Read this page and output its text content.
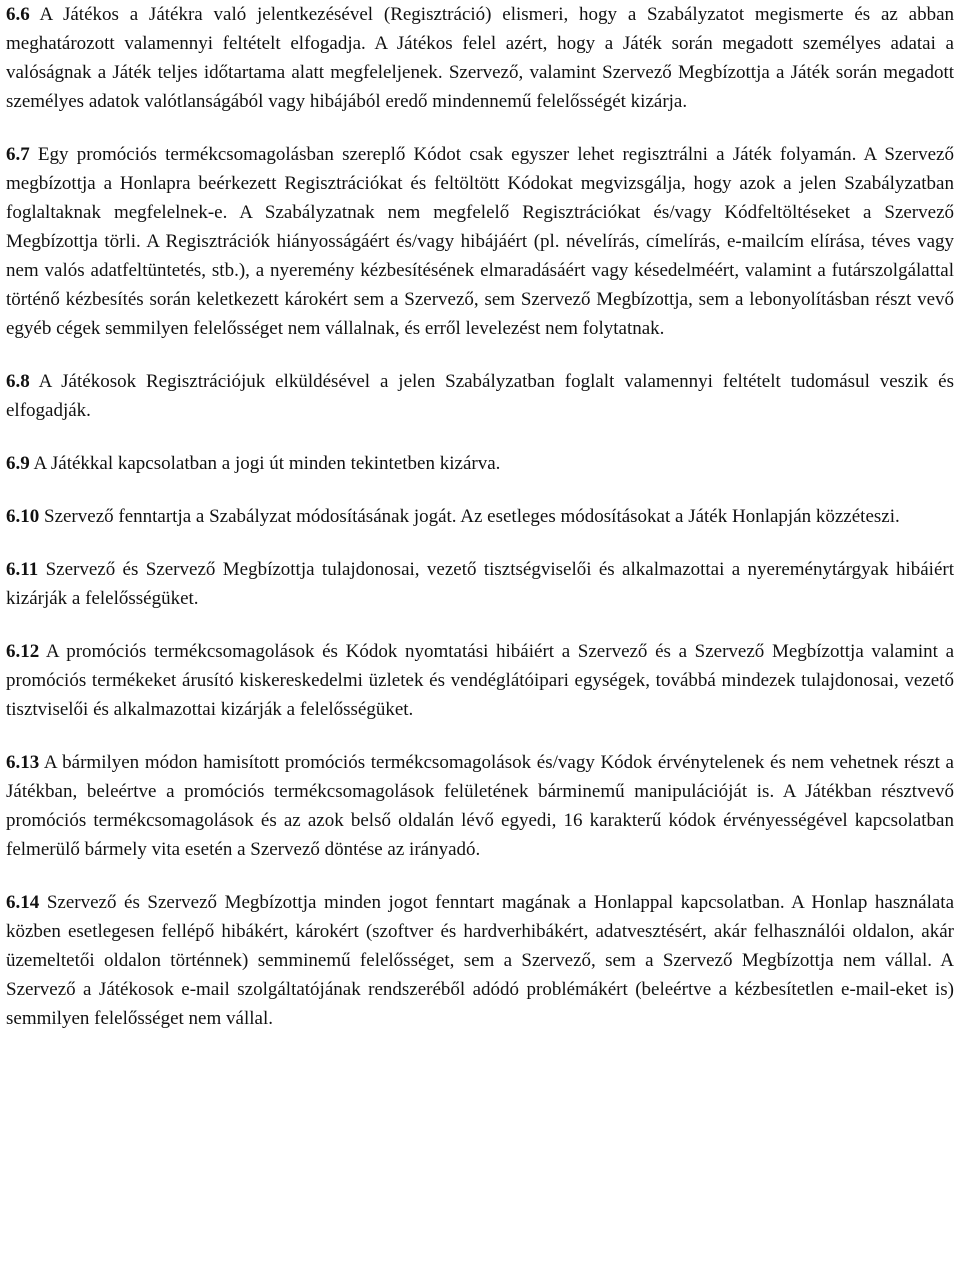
6.6 A Játékos a Játékra való jelentkezésével (Regisztráció) elismeri, hogy a Szabályzatot megismerte és az abban meghatározott valamennyi feltételt elfogadja. A Játékos felel azért, hogy a Játék során megadott személyes adatai a valóságnak a Játék teljes időtartama alatt megfeleljenek. Szervező, valamint Szervező Megbízottja a Játék során megadott személyes adatok valótlanságából vagy hibájából eredő mindennemű felelősségét kizárja.

6.7 Egy promóciós termékcsomagolásban szereplő Kódot csak egyszer lehet regisztrálni a Játék folyamán. A Szervező megbízottja a Honlapra beérkezett Regisztrációkat és feltöltött Kódokat megvizsgálja, hogy azok a jelen Szabályzatban foglaltaknak megfelelnek-e. A Szabályzatnak nem megfelelő Regisztrációkat és/vagy Kódfeltöltéseket a Szervező Megbízottja törli. A Regisztrációk hiányosságáért és/vagy hibájáért (pl. névelírás, címelírás, e-mailcím elírása, téves vagy nem valós adatfeltüntetés, stb.), a nyeremény kézbesítésének elmaradásáért vagy késedelméért, valamint a futárszolgálattal történő kézbesítés során keletkezett károkért sem a Szervező, sem Szervező Megbízottja, sem a lebonyolításban részt vevő egyéb cégek semmilyen felelősséget nem vállalnak, és erről levelezést nem folytatnak.

6.8 A Játékosok Regisztrációjuk elküldésével a jelen Szabályzatban foglalt valamennyi feltételt tudomásul veszik és elfogadják.

6.9 A Játékkal kapcsolatban a jogi út minden tekintetben kizárva.

6.10 Szervező fenntartja a Szabályzat módosításának jogát. Az esetleges módosításokat a Játék Honlapján közzéteszi.

6.11 Szervező és Szervező Megbízottja tulajdonosai, vezető tisztségviselői és alkalmazottai a nyereménytárgyak hibáiért kizárják a felelősségüket.

6.12 A promóciós termékcsomagolások és Kódok nyomtatási hibáiért a Szervező és a Szervező Megbízottja valamint a promóciós termékeket árusító kiskereskedelmi üzletek és vendéglátóipari egységek, továbbá mindezek tulajdonosai, vezető tisztviselői és alkalmazottai kizárják a felelősségüket.

6.13 A bármilyen módon hamisított promóciós termékcsomagolások és/vagy Kódok érvénytelenek és nem vehetnek részt a Játékban, beleértve a promóciós termékcsomagolások felületének bárminemű manipulációját is. A Játékban résztvevő promóciós termékcsomagolások és az azok belső oldalán lévő egyedi, 16 karakterű kódok érvényességével kapcsolatban felmerülő bármely vita esetén a Szervező döntése az irányadó.

6.14 Szervező és Szervező Megbízottja minden jogot fenntart magának a Honlappal kapcsolatban. A Honlap használata közben esetlegesen fellépő hibákért, károkért (szoftver és hardverhibákért, adatvesztésért, akár felhasználói oldalon, akár üzemeltetői oldalon történnek) semminemű felelősséget, sem a Szervező, sem a Szervező Megbízottja nem vállal. A Szervező a Játékosok e-mail szolgáltatójának rendszeréből adódó problémákért (beleértve a kézbesítetlen e-mail-eket is) semmilyen felelősséget nem vállal.
